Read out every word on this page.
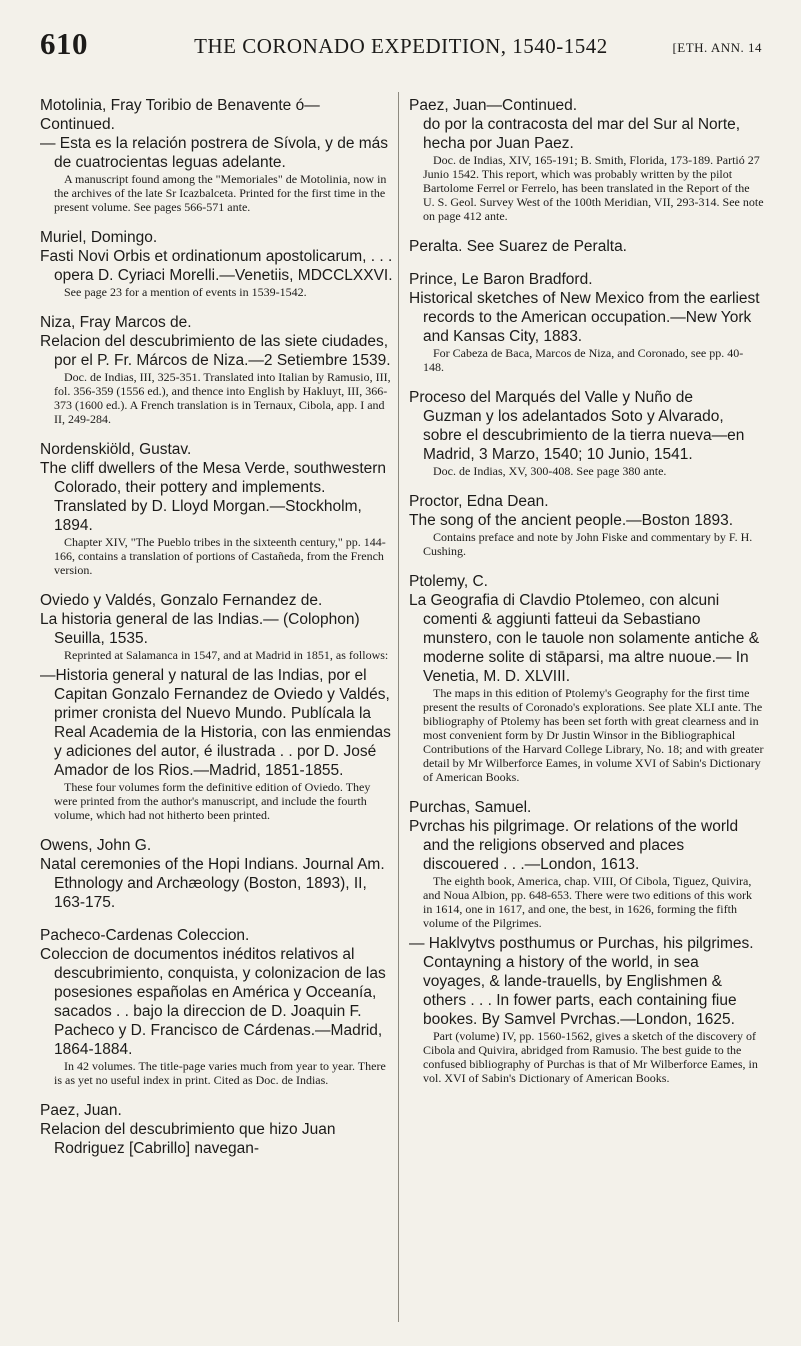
610	THE CORONADO EXPEDITION, 1540-1542	[ETH. ANN. 14

Motolinia, Fray Toribio de Benavente ó—

Continued.

— Esta es la relación postrera de Sívola, y de más de cuatrocientas leguas adelante.

A manuscript found among the "Memoriales" de Motolinia, now in the archives of the late Sr Icazbalceta. Printed for the first time in the present volume. See pages 566-571 ante.

Muriel, Domingo.

Fasti Novi Orbis et ordinationum apostolicarum, . . . opera D. Cyriaci Morelli.—Venetiis, MDCCLXXVI.

See page 23 for a mention of events in 1539-1542.

Niza, Fray Marcos de.

Relacion del descubrimiento de las siete ciudades, por el P. Fr. Márcos de Niza.—2 Setiembre 1539.

Doc. de Indias, III, 325-351. Translated into Italian by Ramusio, III, fol. 356-359 (1556 ed.), and thence into English by Hakluyt, III, 366-373 (1600 ed.). A French translation is in Ternaux, Cibola, app. I and II, 249-284.

Nordenskiöld, Gustav.

The cliff dwellers of the Mesa Verde, southwestern Colorado, their pottery and implements. Translated by D. Lloyd Morgan.—Stockholm, 1894.

Chapter XIV, "The Pueblo tribes in the sixteenth century," pp. 144-166, contains a translation of portions of Castañeda, from the French version.

Oviedo y Valdés, Gonzalo Fernandez de.

La historia general de las Indias.— (Colophon) Seuilla, 1535.

Reprinted at Salamanca in 1547, and at Madrid in 1851, as follows:

—Historia general y natural de las Indias, por el Capitan Gonzalo Fernandez de Oviedo y Valdés, primer cronista del Nuevo Mundo. Publícala la Real Academia de la Historia, con las enmiendas y adiciones del autor, é ilustrada . . por D. José Amador de los Rios.—Madrid, 1851-1855.

These four volumes form the definitive edition of Oviedo. They were printed from the author's manuscript, and include the fourth volume, which had not hitherto been printed.

Owens, John G.

Natal ceremonies of the Hopi Indians. Journal Am. Ethnology and Archæology (Boston, 1893), II, 163-175.

Pacheco-Cardenas Coleccion.

Coleccion de documentos inéditos relativos al descubrimiento, conquista, y colonizacion de las posesiones españolas en América y Occeanía, sacados . . bajo la direccion de D. Joaquin F. Pacheco y D. Francisco de Cárdenas.—Madrid, 1864-1884.

In 42 volumes. The title-page varies much from year to year. There is as yet no useful index in print. Cited as Doc. de Indias.

Paez, Juan.

Relacion del descubrimiento que hizo Juan Rodriguez [Cabrillo] navegan-

Paez, Juan—Continued.

do por la contracosta del mar del Sur al Norte, hecha por Juan Paez.

Doc. de Indias, XIV, 165-191; B. Smith, Florida, 173-189. Partió 27 Junio 1542. This report, which was probably written by the pilot Bartolome Ferrel or Ferrelo, has been translated in the Report of the U. S. Geol. Survey West of the 100th Meridian, VII, 293-314. See note on page 412 ante.

Peralta. See Suarez de Peralta.

Prince, Le Baron Bradford.

Historical sketches of New Mexico from the earliest records to the American occupation.—New York and Kansas City, 1883.

For Cabeza de Baca, Marcos de Niza, and Coronado, see pp. 40-148.

Proceso del Marqués del Valle y Nuño de

Guzman y los adelantados Soto y Alvarado, sobre el descubrimiento de la tierra nueva—en Madrid, 3 Marzo, 1540; 10 Junio, 1541.

Doc. de Indias, XV, 300-408. See page 380 ante.

Proctor, Edna Dean.

The song of the ancient people.—Boston 1893.

Contains preface and note by John Fiske and commentary by F. H. Cushing.

Ptolemy, C.

La Geografia di Clavdio Ptolemeo, con alcuni comenti & aggiunti fatteui da Sebastiano munstero, con le tauole non solamente antiche & moderne solite di stāparsi, ma altre nuoue.— In Venetia, M. D. XLVIII.

The maps in this edition of Ptolemy's Geography for the first time present the results of Coronado's explorations. See plate XLI ante. The bibliography of Ptolemy has been set forth with great clearness and in most convenient form by Dr Justin Winsor in the Bibliographical Contributions of the Harvard College Library, No. 18; and with greater detail by Mr Wilberforce Eames, in volume XVI of Sabin's Dictionary of American Books.

Purchas, Samuel.

Pvrchas his pilgrimage. Or relations of the world and the religions observed and places discouered . . .—London, 1613.

The eighth book, America, chap. VIII, Of Cibola, Tiguez, Quivira, and Noua Albion, pp. 648-653. There were two editions of this work in 1614, one in 1617, and one, the best, in 1626, forming the fifth volume of the Pilgrimes.

— Haklvytvs posthumus or Purchas, his pilgrimes. Contayning a history of the world, in sea voyages, & lande-trauells, by Englishmen & others . . . In fower parts, each containing fiue bookes. By Samvel Pvrchas.—London, 1625.

Part (volume) IV, pp. 1560-1562, gives a sketch of the discovery of Cibola and Quivira, abridged from Ramusio. The best guide to the confused bibliography of Purchas is that of Mr Wilberforce Eames, in vol. XVI of Sabin's Dictionary of American Books.
